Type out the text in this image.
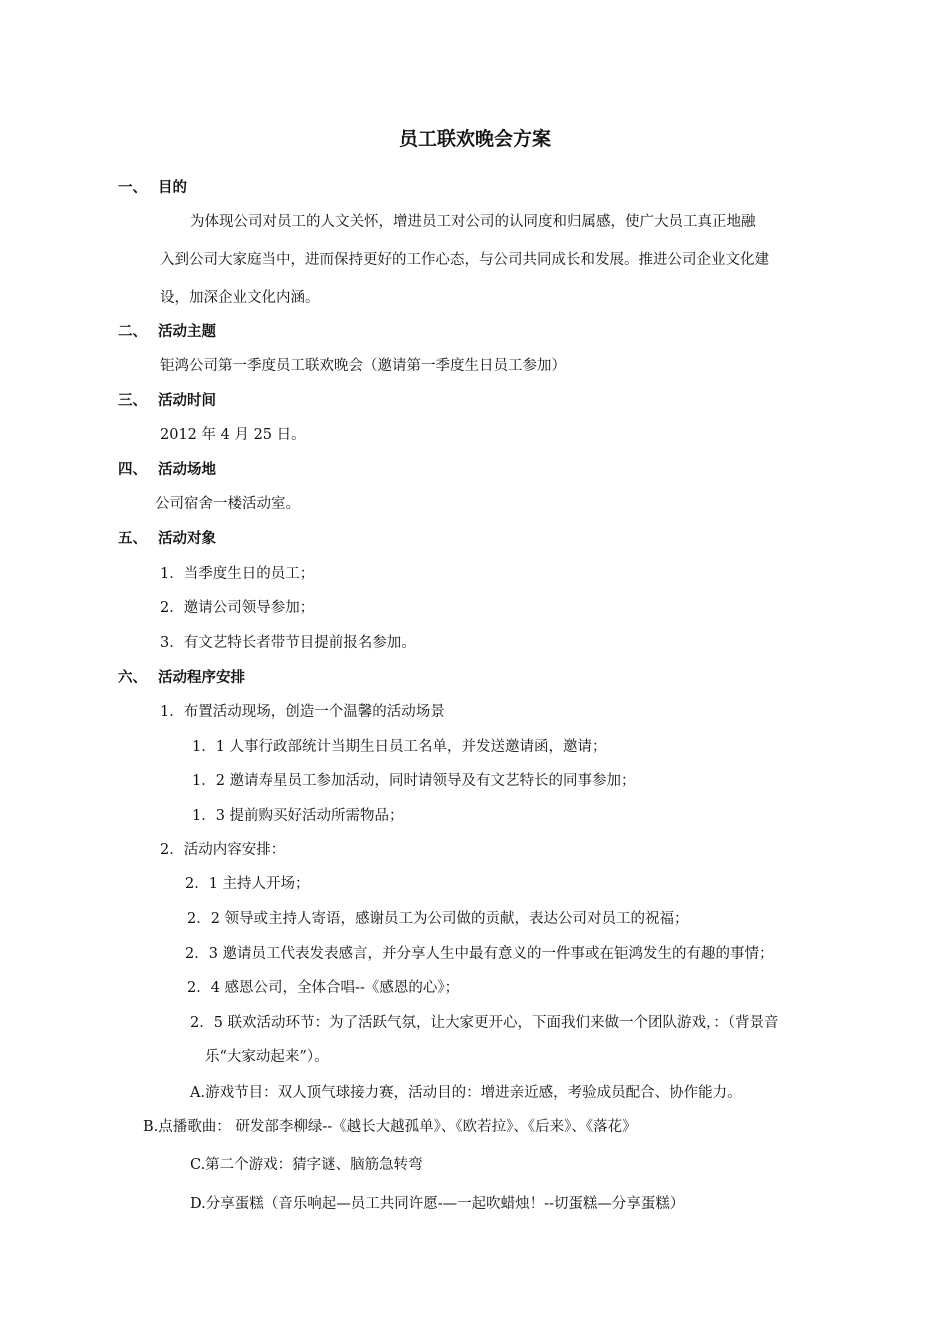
员工联欢晚会方案
一、 目的
为体现公司对员工的人文关怀，增进员工对公司的认同度和归属感，使广大员工真正地融
入到公司大家庭当中，进而保持更好的工作心态，与公司共同成长和发展。推进公司企业文化建
设，加深企业文化内涵。
二、 活动主题
钜鸿公司第一季度员工联欢晚会（邀请第一季度生日员工参加）
三、 活动时间
2012 年 4 月 25 日。
四、 活动场地
公司宿舍一楼活动室。
五、 活动对象
1．当季度生日的员工；
2．邀请公司领导参加；
3．有文艺特长者带节目提前报名参加。
六、 活动程序安排
1．布置活动现场，创造一个温馨的活动场景
1．1 人事行政部统计当期生日员工名单，并发送邀请函，邀请；
1．2 邀请寿星员工参加活动，同时请领导及有文艺特长的同事参加；
1．3 提前购买好活动所需物品；
2．活动内容安排：
2．1 主持人开场；
2．2 领导或主持人寄语，感谢员工为公司做的贡献，表达公司对员工的祝福；
2．3 邀请员工代表发表感言，并分享人生中最有意义的一件事或在钜鸿发生的有趣的事情；
2．4 感恩公司，全体合唱--《感恩的心》；
2．5 联欢活动环节：为了活跃气氛，让大家更开心，下面我们来做一个团队游戏，：（背景音
乐“大家动起来”）。
A.游戏节目：双人顶气球接力赛，活动目的：增进亲近感，考验成员配合、协作能力。
B.点播歌曲： 研发部李柳绿--《越长大越孤单》、《欧若拉》、《后来》、《落花》
C.第二个游戏：猜字谜、脑筋急转弯
D.分享蛋糕（音乐响起—员工共同许愿-—一起吹蜡烛！--切蛋糕—分享蛋糕）
